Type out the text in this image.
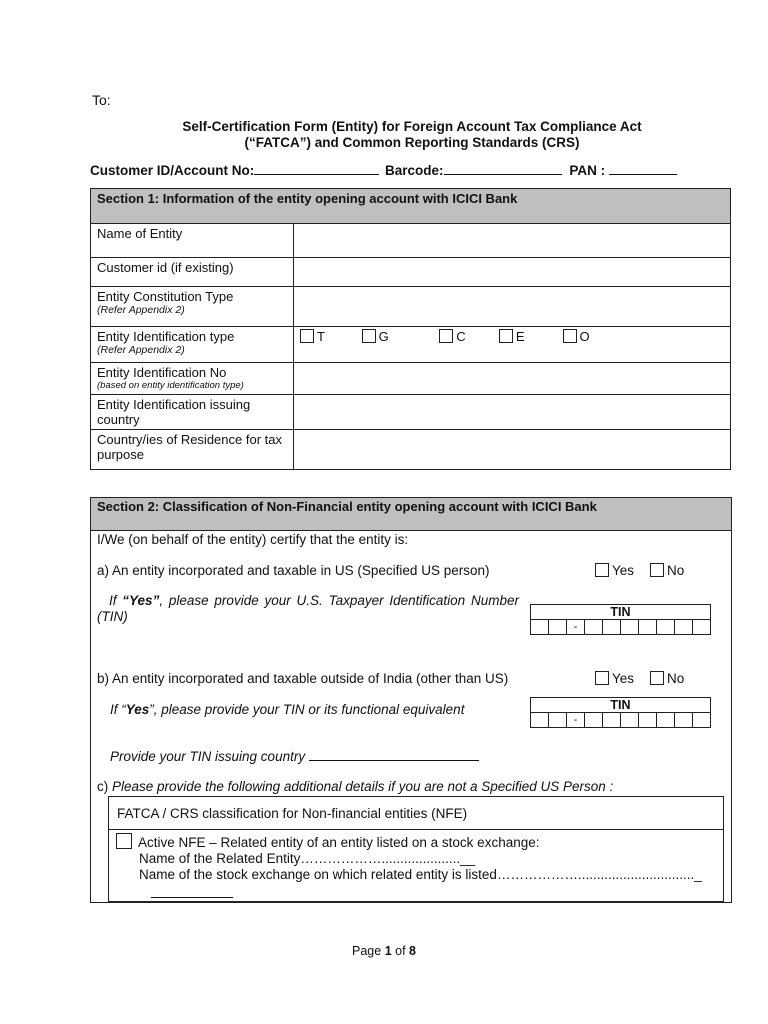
To:
Self-Certification Form (Entity) for Foreign Account Tax Compliance Act
(“FATCA”) and Common Reporting Standards (CRS)
Customer ID/Account No:	Barcode:	PAN :
Section 1: Information of the entity opening account with ICICI Bank	
Name of Entity	
Customer id (if existing)	

Entity Constitution Type
(Refer Appendix 2)	

Entity Identification type
(Refer Appendix 2)	T G C E O

Entity Identification No
(based on entity identification type)	

Entity Identification issuing country	
Country/ies of Residence for tax purpose	
Section 2: Classification of Non-Financial entity opening account with ICICI Bank
I/We (on behalf of the entity) certify that the entity is:
a) An entity incorporated and taxable in US (Specified US person)	Yes	No
If “Yes”, please provide your U.S. Taxpayer Identification Number (TIN)	TIN
		-							
b) An entity incorporated and taxable outside of India (other than US)	Yes	No
If “Yes”, please provide your TIN or its functional equivalent	TIN
		-							
Provide your TIN issuing country
c) Please provide the following additional details if you are not a Specified US Person :
FATCA / CRS classification for Non-financial entities (NFE)
Active NFE – Related entity of an entity listed on a stock exchange:
Name of the Related Entity……………….....................__
Name of the stock exchange on which related entity is listed………………..............................._
Page 1 of 8
